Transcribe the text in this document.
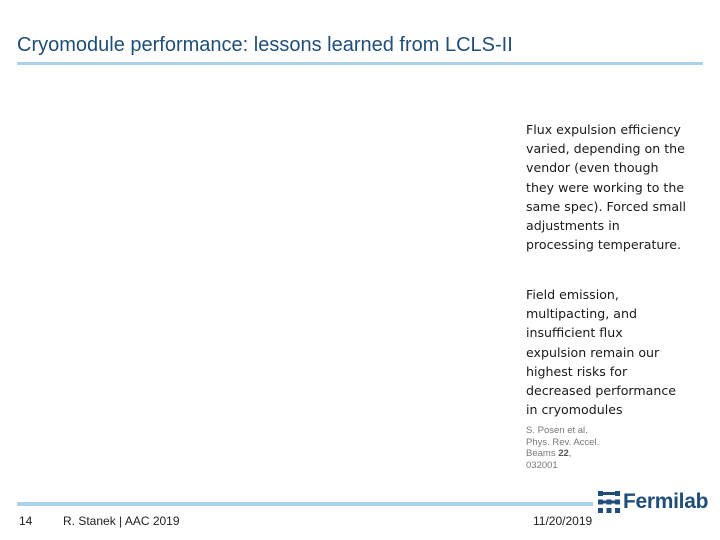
Cryomodule performance: lessons learned from LCLS-II
Flux expulsion efficiency
varied, depending on the
vendor (even though
they were working to the
same spec). Forced small
adjustments in
processing temperature.
Field emission,
multipacting, and
insufficient flux
expulsion remain our
highest risks for
decreased performance
in cryomodules
S. Posen et al.
Phys. Rev. Accel.
Beams 22,
032001
14	R. Stanek | AAC 2019	11/20/2019
Fermilab
